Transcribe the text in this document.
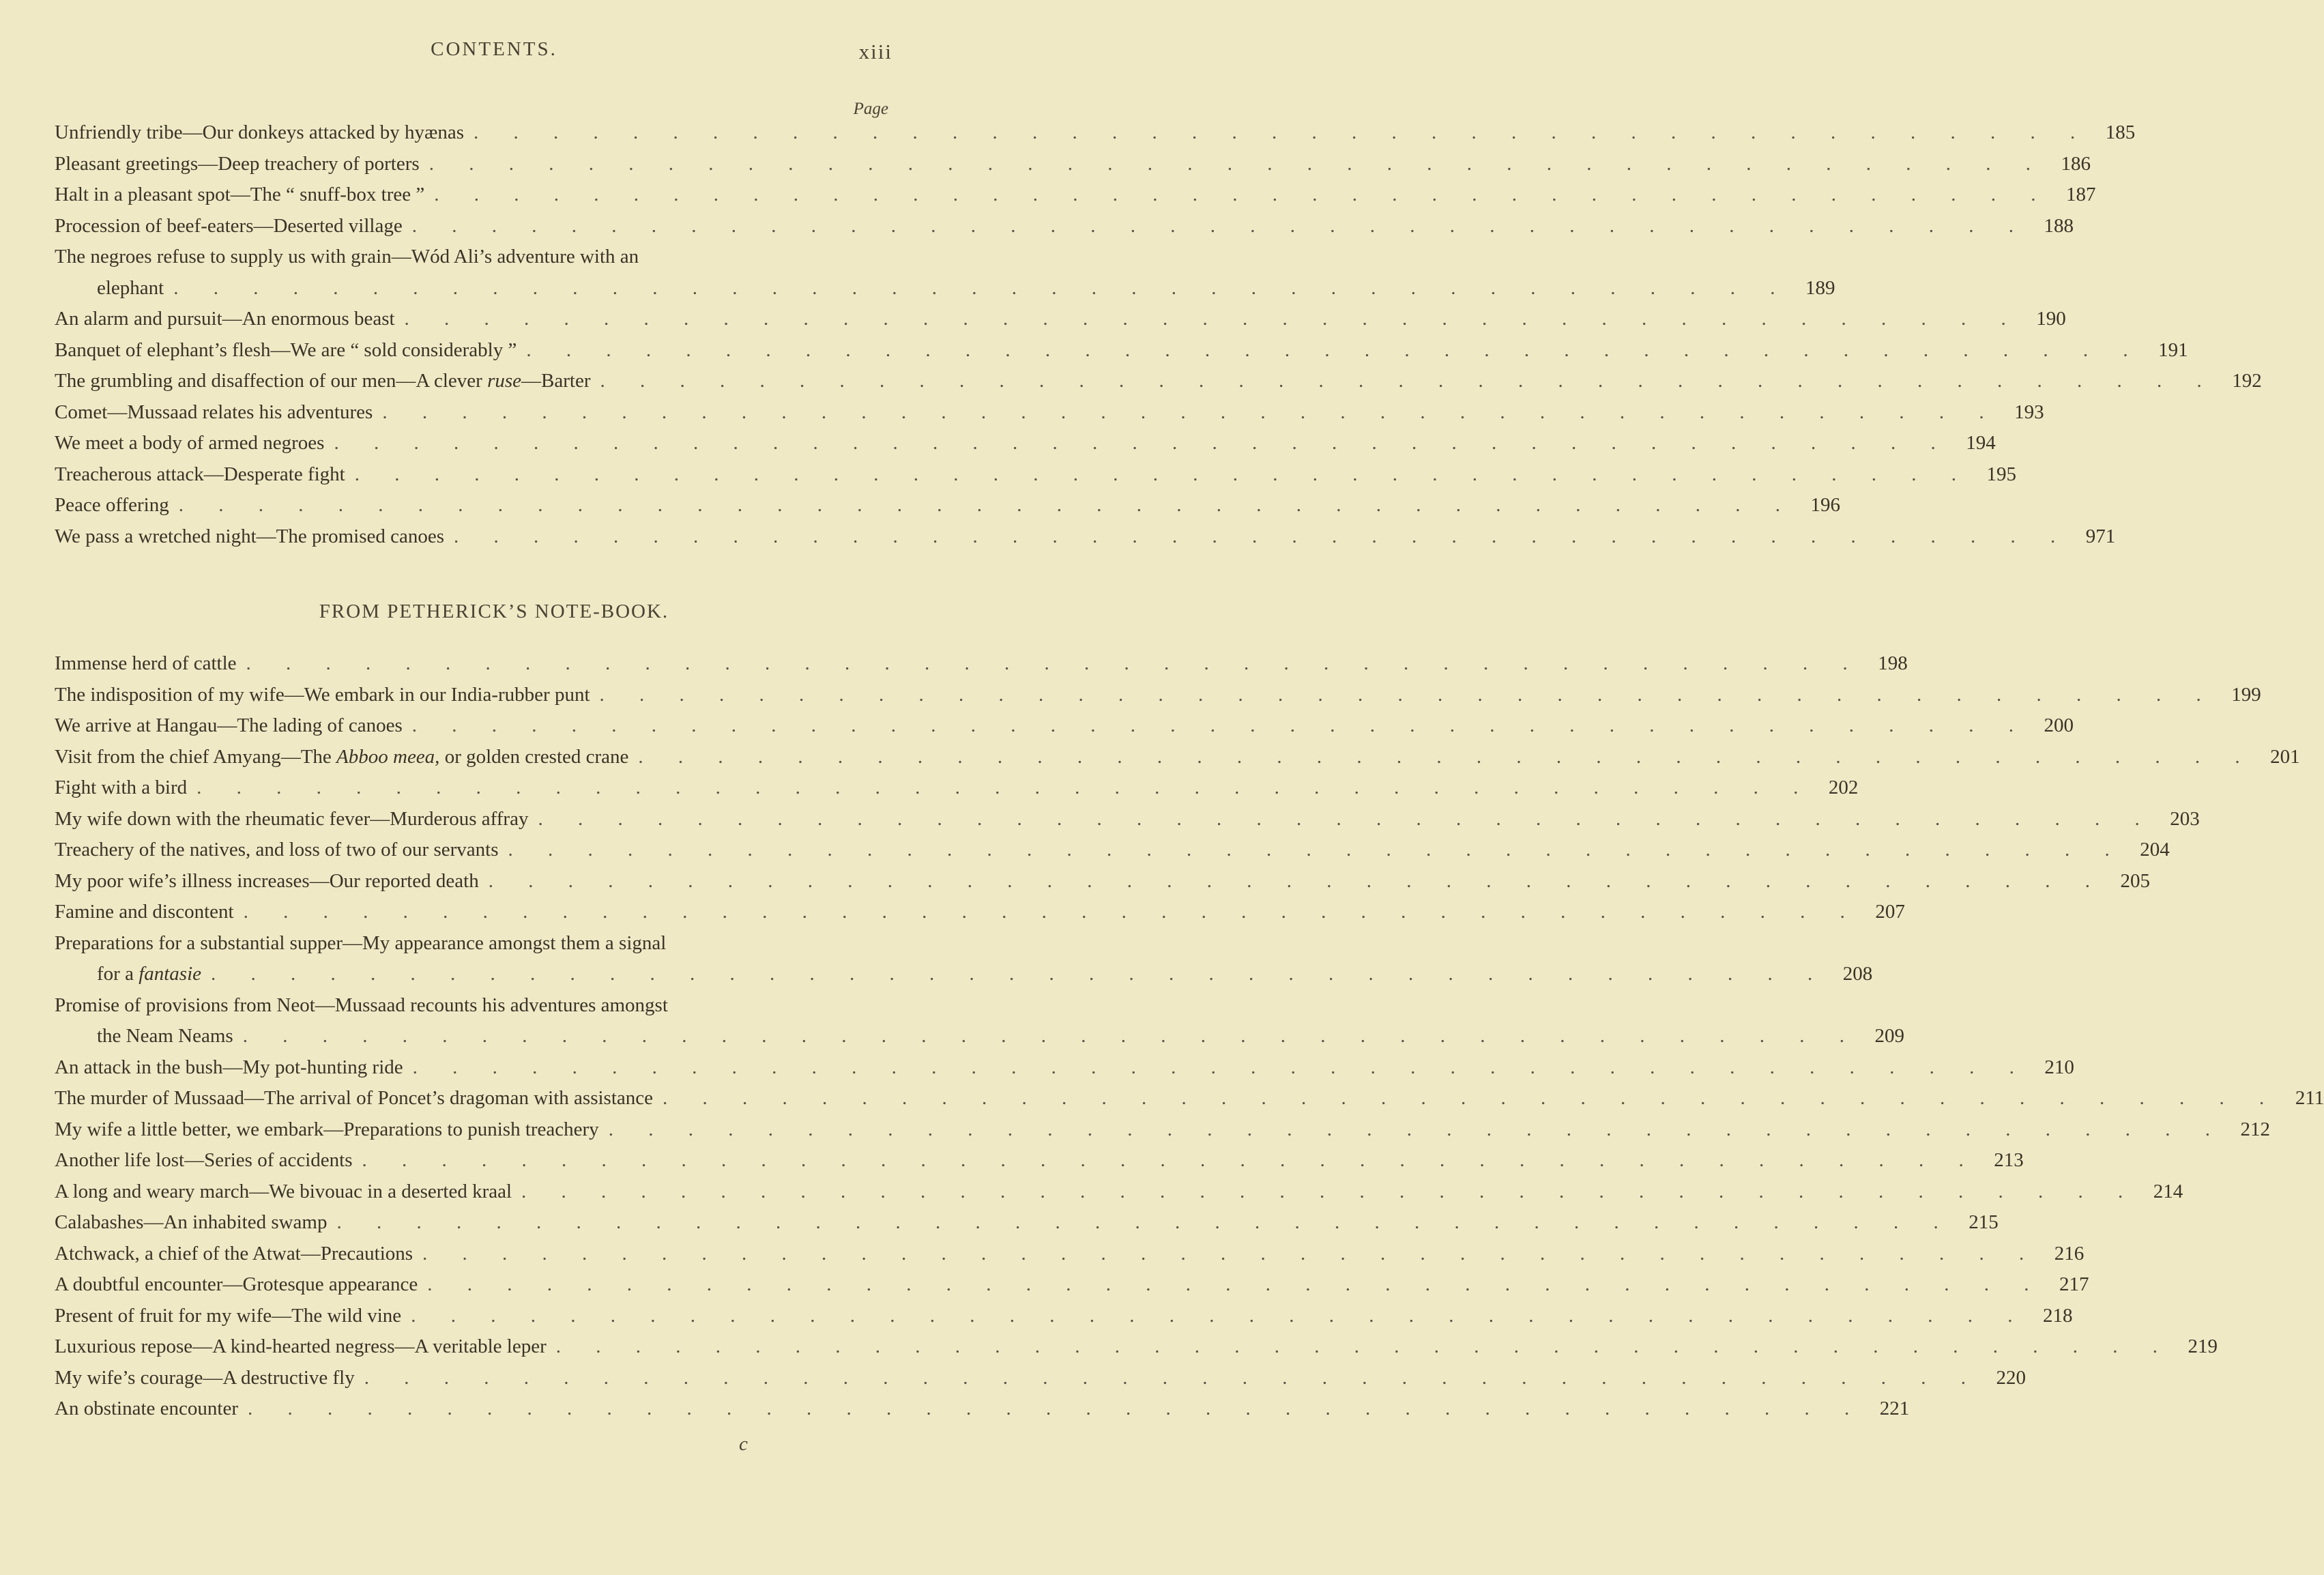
CONTENTS.	xiii
Page
Unfriendly tribe—Our donkeys attacked by hyænas . . . . . . . . . . . . . . . . . . . . . . . . . . . . . . . . . . . . . . . . . 185
Pleasant greetings—Deep treachery of porters . . . . . . . . . . . . . . . . . . . . . . . . . . . . . . . . . . . . . . . . . 186
Halt in a pleasant spot—The “ snuff-box tree ” . . . . . . . . . . . . . . . . . . . . . . . . . . . . . . . . . . . . . . . . . 187
Procession of beef-eaters—Deserted village . . . . . . . . . . . . . . . . . . . . . . . . . . . . . . . . . . . . . . . . . 188
The negroes refuse to supply us with grain—Wód Ali’s adventure with an
elephant . . . . . . . . . . . . . . . . . . . . . . . . . . . . . . . . . . . . . . . . . 189
An alarm and pursuit—An enormous beast . . . . . . . . . . . . . . . . . . . . . . . . . . . . . . . . . . . . . . . . . 190
Banquet of elephant’s flesh—We are “ sold considerably ” . . . . . . . . . . . . . . . . . . . . . . . . . . . . . . . . . . . . . . . . . 191
The grumbling and disaffection of our men—A clever ruse—Barter . . . . . . . . . . . . . . . . . . . . . . . . . . . . . . . . . . . . . . . . . 192
Comet—Mussaad relates his adventures . . . . . . . . . . . . . . . . . . . . . . . . . . . . . . . . . . . . . . . . . 193
We meet a body of armed negroes . . . . . . . . . . . . . . . . . . . . . . . . . . . . . . . . . . . . . . . . . 194
Treacherous attack—Desperate fight . . . . . . . . . . . . . . . . . . . . . . . . . . . . . . . . . . . . . . . . . 195
Peace offering . . . . . . . . . . . . . . . . . . . . . . . . . . . . . . . . . . . . . . . . . 196
We pass a wretched night—The promised canoes . . . . . . . . . . . . . . . . . . . . . . . . . . . . . . . . . . . . . . . . . 971
FROM PETHERICK’S NOTE-BOOK.
Immense herd of cattle . . . . . . . . . . . . . . . . . . . . . . . . . . . . . . . . . . . . . . . . . 198
The indisposition of my wife—We embark in our India-rubber punt . . . . . . . . . . . . . . . . . . . . . . . . . . . . . . . . . . . . . . . . . 199
We arrive at Hangau—The lading of canoes . . . . . . . . . . . . . . . . . . . . . . . . . . . . . . . . . . . . . . . . . 200
Visit from the chief Amyang—The Abboo meea, or golden crested crane . . . . . . . . . . . . . . . . . . . . . . . . . . . . . . . . . . . . . . . . . 201
Fight with a bird . . . . . . . . . . . . . . . . . . . . . . . . . . . . . . . . . . . . . . . . . 202
My wife down with the rheumatic fever—Murderous affray . . . . . . . . . . . . . . . . . . . . . . . . . . . . . . . . . . . . . . . . . 203
Treachery of the natives, and loss of two of our servants . . . . . . . . . . . . . . . . . . . . . . . . . . . . . . . . . . . . . . . . . 204
My poor wife’s illness increases—Our reported death . . . . . . . . . . . . . . . . . . . . . . . . . . . . . . . . . . . . . . . . . 205
Famine and discontent . . . . . . . . . . . . . . . . . . . . . . . . . . . . . . . . . . . . . . . . . 207
Preparations for a substantial supper—My appearance amongst them a signal
for a fantasie . . . . . . . . . . . . . . . . . . . . . . . . . . . . . . . . . . . . . . . . . 208
Promise of provisions from Neot—Mussaad recounts his adventures amongst
the Neam Neams . . . . . . . . . . . . . . . . . . . . . . . . . . . . . . . . . . . . . . . . . 209
An attack in the bush—My pot-hunting ride . . . . . . . . . . . . . . . . . . . . . . . . . . . . . . . . . . . . . . . . . 210
The murder of Mussaad—The arrival of Poncet’s dragoman with assistance . . . . . . . . . . . . . . . . . . . . . . . . . . . . . . . . . . . . . . . . . 211
My wife a little better, we embark—Preparations to punish treachery . . . . . . . . . . . . . . . . . . . . . . . . . . . . . . . . . . . . . . . . . 212
Another life lost—Series of accidents . . . . . . . . . . . . . . . . . . . . . . . . . . . . . . . . . . . . . . . . . 213
A long and weary march—We bivouac in a deserted kraal . . . . . . . . . . . . . . . . . . . . . . . . . . . . . . . . . . . . . . . . . 214
Calabashes—An inhabited swamp . . . . . . . . . . . . . . . . . . . . . . . . . . . . . . . . . . . . . . . . . 215
Atchwack, a chief of the Atwat—Precautions . . . . . . . . . . . . . . . . . . . . . . . . . . . . . . . . . . . . . . . . . 216
A doubtful encounter—Grotesque appearance . . . . . . . . . . . . . . . . . . . . . . . . . . . . . . . . . . . . . . . . . 217
Present of fruit for my wife—The wild vine . . . . . . . . . . . . . . . . . . . . . . . . . . . . . . . . . . . . . . . . . 218
Luxurious repose—A kind-hearted negress—A veritable leper . . . . . . . . . . . . . . . . . . . . . . . . . . . . . . . . . . . . . . . . . 219
My wife’s courage—A destructive fly . . . . . . . . . . . . . . . . . . . . . . . . . . . . . . . . . . . . . . . . . 220
An obstinate encounter . . . . . . . . . . . . . . . . . . . . . . . . . . . . . . . . . . . . . . . . . 221
c
